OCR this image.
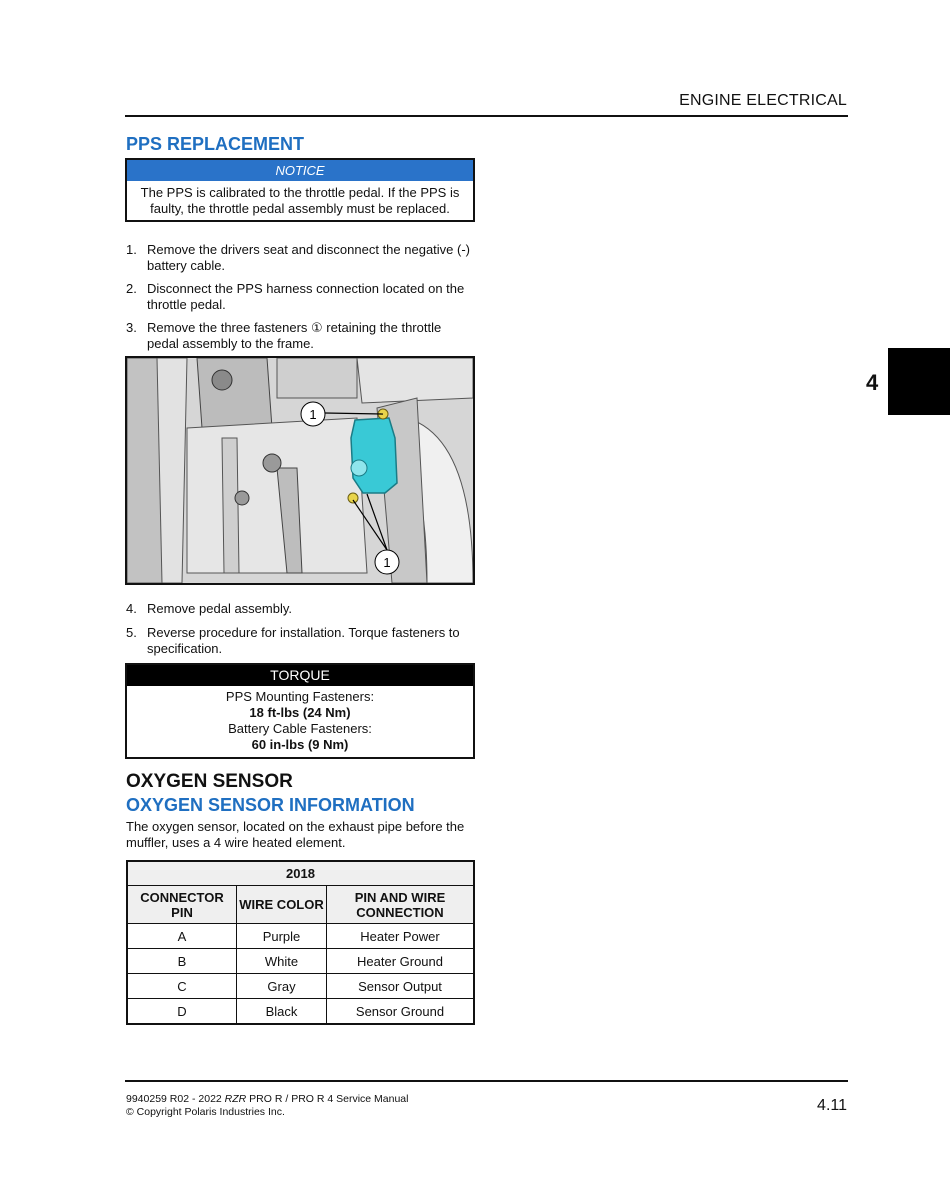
ENGINE ELECTRICAL
4
PPS REPLACEMENT
NOTICE
The PPS is calibrated to the throttle pedal. If the PPS is faulty, the throttle pedal assembly must be replaced.
1. Remove the drivers seat and disconnect the negative (-) battery cable.
2. Disconnect the PPS harness connection located on the throttle pedal.
3. Remove the three fasteners ① retaining the throttle pedal assembly to the frame.
1
1
4. Remove pedal assembly.
5. Reverse procedure for installation. Torque fasteners to specification.
TORQUE
PPS Mounting Fasteners:
18 ft-lbs (24 Nm)
Battery Cable Fasteners:
60 in-lbs (9 Nm)
OXYGEN SENSOR
OXYGEN SENSOR INFORMATION
The oxygen sensor, located on the exhaust pipe before the muffler, uses a 4 wire heated element.
2018		
CONNECTOR PIN	WIRE COLOR	PIN AND WIRE CONNECTION
A	Purple	Heater Power
B	White	Heater Ground
C	Gray	Sensor Output
D	Black	Sensor Ground
9940259 R02 - 2022 RZR PRO R / PRO R 4 Service Manual
© Copyright Polaris Industries Inc.	4.11
